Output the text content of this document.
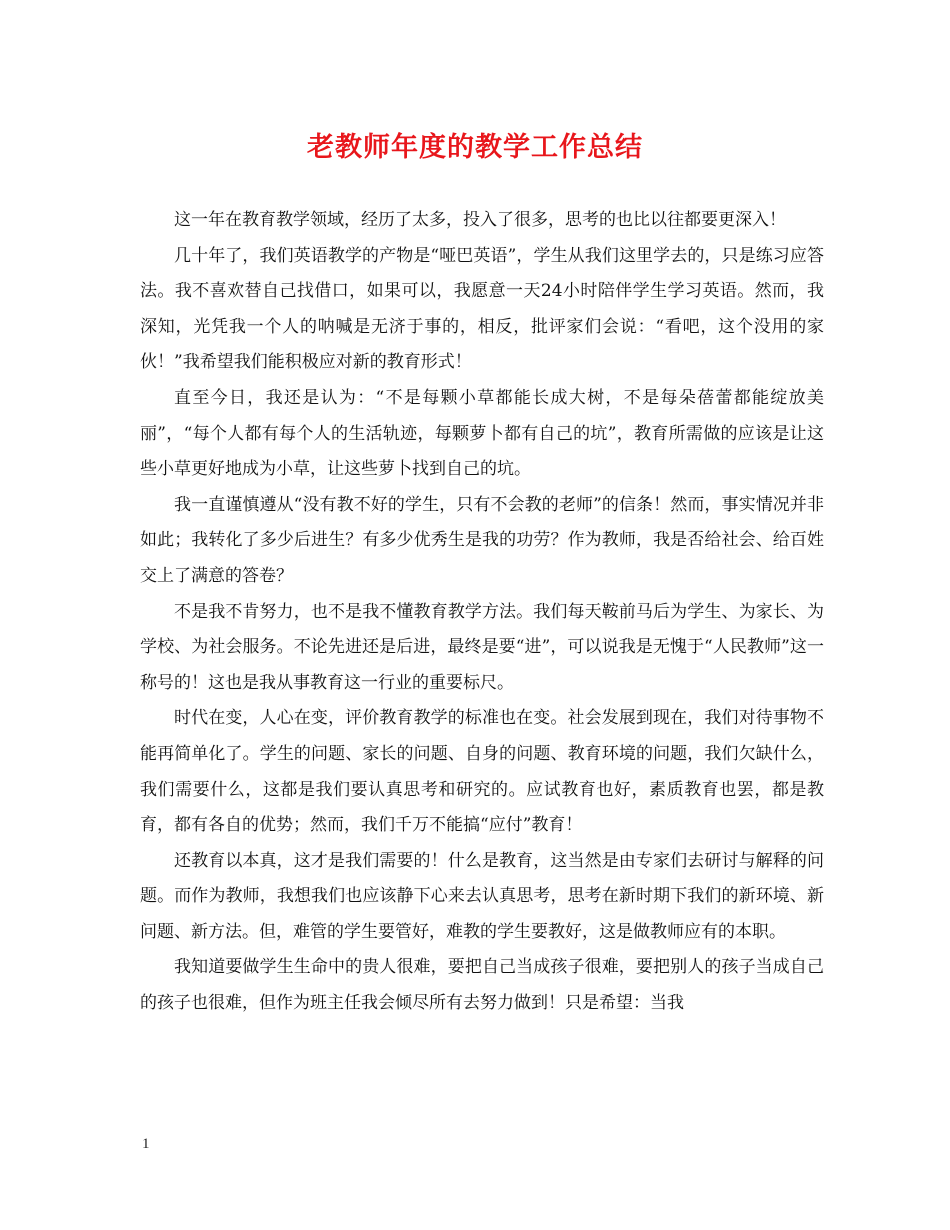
老教师年度的教学工作总结

这一年在教育教学领域，经历了太多，投入了很多，思考的也比以往都要更深入！

几十年了，我们英语教学的产物是“哑巴英语”，学生从我们这里学去的，只是练习应答法。我不喜欢替自己找借口，如果可以，我愿意一天24小时陪伴学生学习英语。然而，我深知，光凭我一个人的呐喊是无济于事的，相反，批评家们会说：“看吧，这个没用的家伙！”我希望我们能积极应对新的教育形式！

直至今日，我还是认为：“不是每颗小草都能长成大树，不是每朵蓓蕾都能绽放美丽”，“每个人都有每个人的生活轨迹，每颗萝卜都有自己的坑”，教育所需做的应该是让这些小草更好地成为小草，让这些萝卜找到自己的坑。

我一直谨慎遵从“没有教不好的学生，只有不会教的老师”的信条！然而，事实情况并非如此；我转化了多少后进生？有多少优秀生是我的功劳？作为教师，我是否给社会、给百姓交上了满意的答卷？

不是我不肯努力，也不是我不懂教育教学方法。我们每天鞍前马后为学生、为家长、为学校、为社会服务。不论先进还是后进，最终是要“进”，可以说我是无愧于“人民教师”这一称号的！这也是我从事教育这一行业的重要标尺。

时代在变，人心在变，评价教育教学的标准也在变。社会发展到现在，我们对待事物不能再简单化了。学生的问题、家长的问题、自身的问题、教育环境的问题，我们欠缺什么，我们需要什么，这都是我们要认真思考和研究的。应试教育也好，素质教育也罢，都是教育，都有各自的优势；然而，我们千万不能搞“应付”教育！

还教育以本真，这才是我们需要的！什么是教育，这当然是由专家们去研讨与解释的问题。而作为教师，我想我们也应该静下心来去认真思考，思考在新时期下我们的新环境、新问题、新方法。但，难管的学生要管好，难教的学生要教好，这是做教师应有的本职。

我知道要做学生生命中的贵人很难，要把自己当成孩子很难，要把别人的孩子当成自己的孩子也很难，但作为班主任我会倾尽所有去努力做到！只是希望：当我

1
